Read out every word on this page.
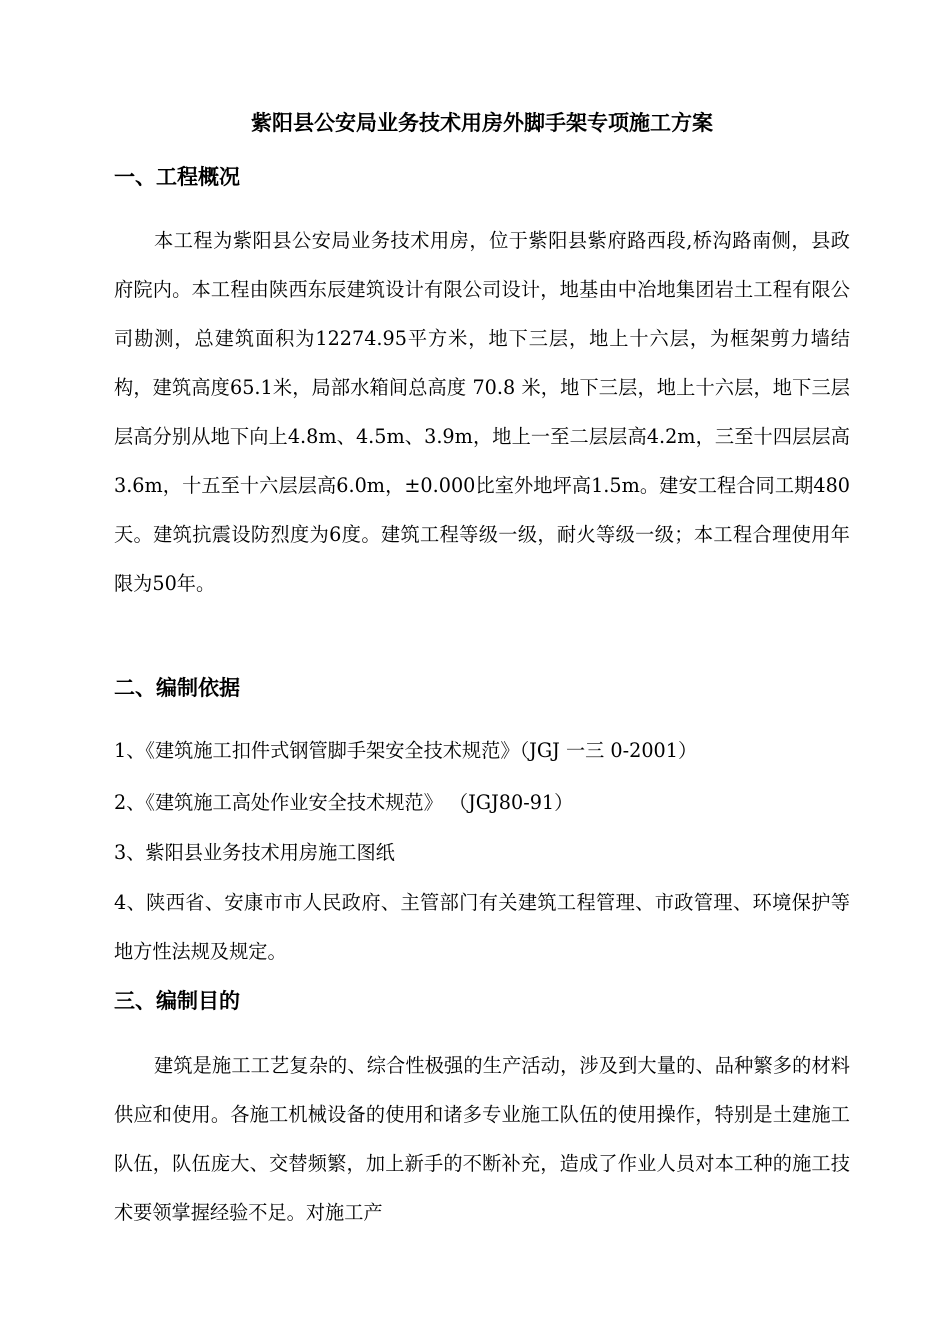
紫阳县公安局业务技术用房外脚手架专项施工方案
一、工程概况

本工程为紫阳县公安局业务技术用房，位于紫阳县紫府路西段,桥沟路南侧，县政府院内。本工程由陕西东辰建筑设计有限公司设计，地基由中冶地集团岩土工程有限公司勘测，总建筑面积为12274.95平方米，地下三层，地上十六层，为框架剪力墙结构，建筑高度65.1米，局部水箱间总高度 70.8 米，地下三层，地上十六层，地下三层层高分别从地下向上4.8m、4.5m、3.9m，地上一至二层层高4.2m，三至十四层层高3.6m，十五至十六层层高6.0m，±0.000比室外地坪高1.5m。建安工程合同工期480天。建筑抗震设防烈度为6度。建筑工程等级一级，耐火等级一级；本工程合理使用年限为50年。

二、编制依据

1、《建筑施工扣件式钢管脚手架安全技术规范》（JGJ 一三 0-2001）

2、《建筑施工高处作业安全技术规范》 （JGJ80-91）

3、紫阳县业务技术用房施工图纸

4、陕西省、安康市市人民政府、主管部门有关建筑工程管理、市政管理、环境保护等地方性法规及规定。

三、编制目的

建筑是施工工艺复杂的、综合性极强的生产活动，涉及到大量的、品种繁多的材料供应和使用。各施工机械设备的使用和诸多专业施工队伍的使用操作，特别是土建施工队伍，队伍庞大、交替频繁，加上新手的不断补充，造成了作业人员对本工种的施工技术要领掌握经验不足。对施工产
